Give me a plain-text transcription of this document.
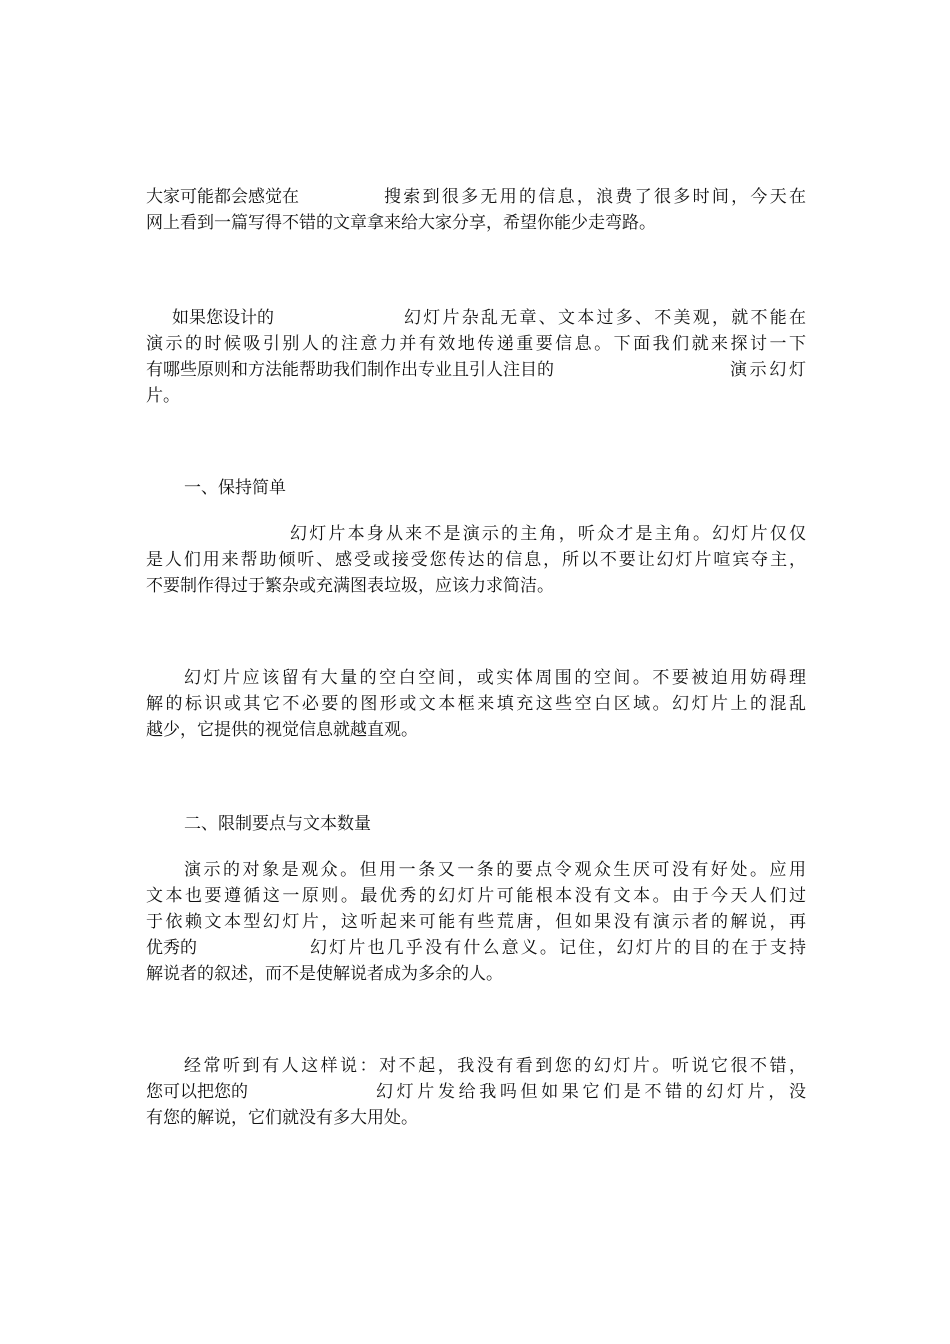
大家可能都会感觉在	搜索到很多无用的信息，浪费了很多时间，今天在
网上看到一篇写得不错的文章拿来给大家分享，希望你能少走弯路。
如果您设计的	幻灯片杂乱无章、文本过多、不美观，就不能在
演示的时候吸引别人的注意力并有效地传递重要信息。下面我们就来探讨一下
有哪些原则和方法能帮助我们制作出专业且引人注目的	演示幻灯
片。
一、保持简单
幻灯片本身从来不是演示的主角，听众才是主角。幻灯片仅仅
是人们用来帮助倾听、感受或接受您传达的信息，所以不要让幻灯片喧宾夺主，
不要制作得过于繁杂或充满图表垃圾，应该力求简洁。
幻灯片应该留有大量的空白空间，或实体周围的空间。不要被迫用妨碍理
解的标识或其它不必要的图形或文本框来填充这些空白区域。幻灯片上的混乱
越少，它提供的视觉信息就越直观。
二、限制要点与文本数量
演示的对象是观众。但用一条又一条的要点令观众生厌可没有好处。应用
文本也要遵循这一原则。最优秀的幻灯片可能根本没有文本。由于今天人们过
于依赖文本型幻灯片，这听起来可能有些荒唐，但如果没有演示者的解说，再
优秀的	幻灯片也几乎没有什么意义。记住，幻灯片的目的在于支持
解说者的叙述，而不是使解说者成为多余的人。
经常听到有人这样说：对不起，我没有看到您的幻灯片。听说它很不错，
您可以把您的	幻灯片发给我吗但如果它们是不错的幻灯片，没
有您的解说，它们就没有多大用处。
